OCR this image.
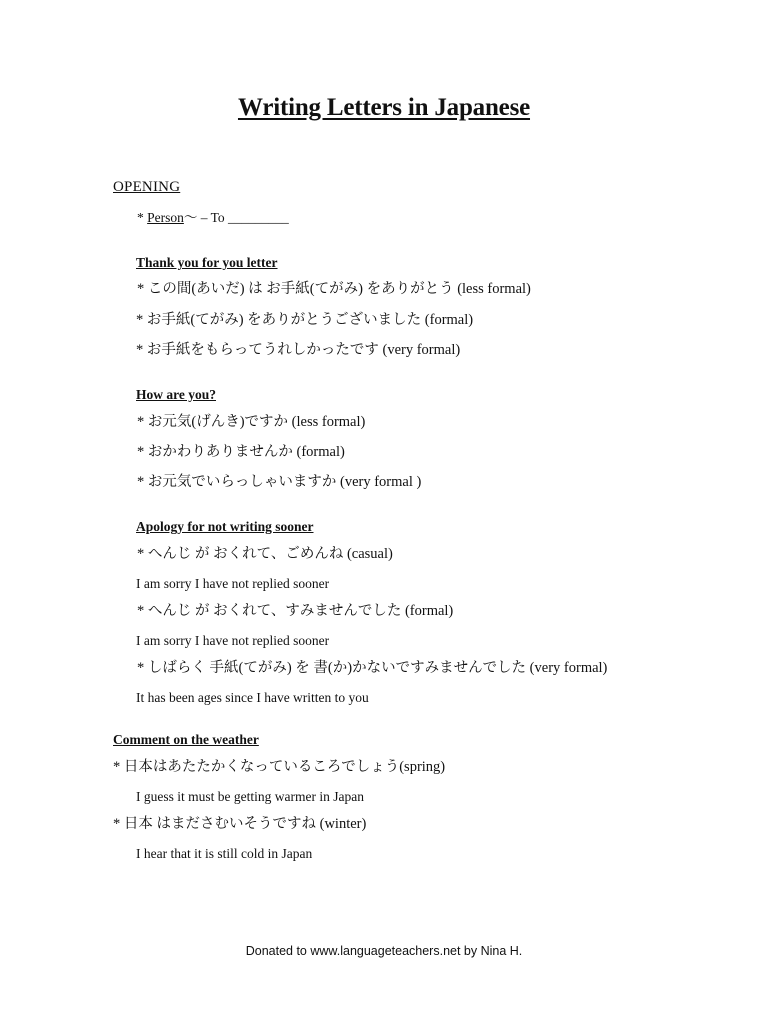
Writing Letters in Japanese
OPENING
* Person～ – To _________
Thank you for you letter
* この間(あいだ) は お手紙(てがみ) をありがとう (less formal)
* お手紙(てがみ) をありがとうございました (formal)
* お手紙をもらってうれしかったです (very formal)
How are you?
* お元気(げんき)ですか (less formal)
* おかわりありませんか (formal)
* お元気でいらっしゃいますか (very formal )
Apology for not writing sooner
* へんじ が おくれて、ごめんね (casual)
I am sorry I have not replied sooner
* へんじ が おくれて、すみませんでした (formal)
I am sorry I have not replied sooner
* しばらく 手紙(てがみ) を 書(か)かないですみませんでした (very formal)
It has been ages since I have written to you
Comment on the weather
* 日本はあたたかくなっているころでしょう(spring)
I guess it must be getting warmer in Japan
* 日本 はまださむいそうですね (winter)
I hear that it is still cold in Japan
Donated to www.languageteachers.net by Nina H.
